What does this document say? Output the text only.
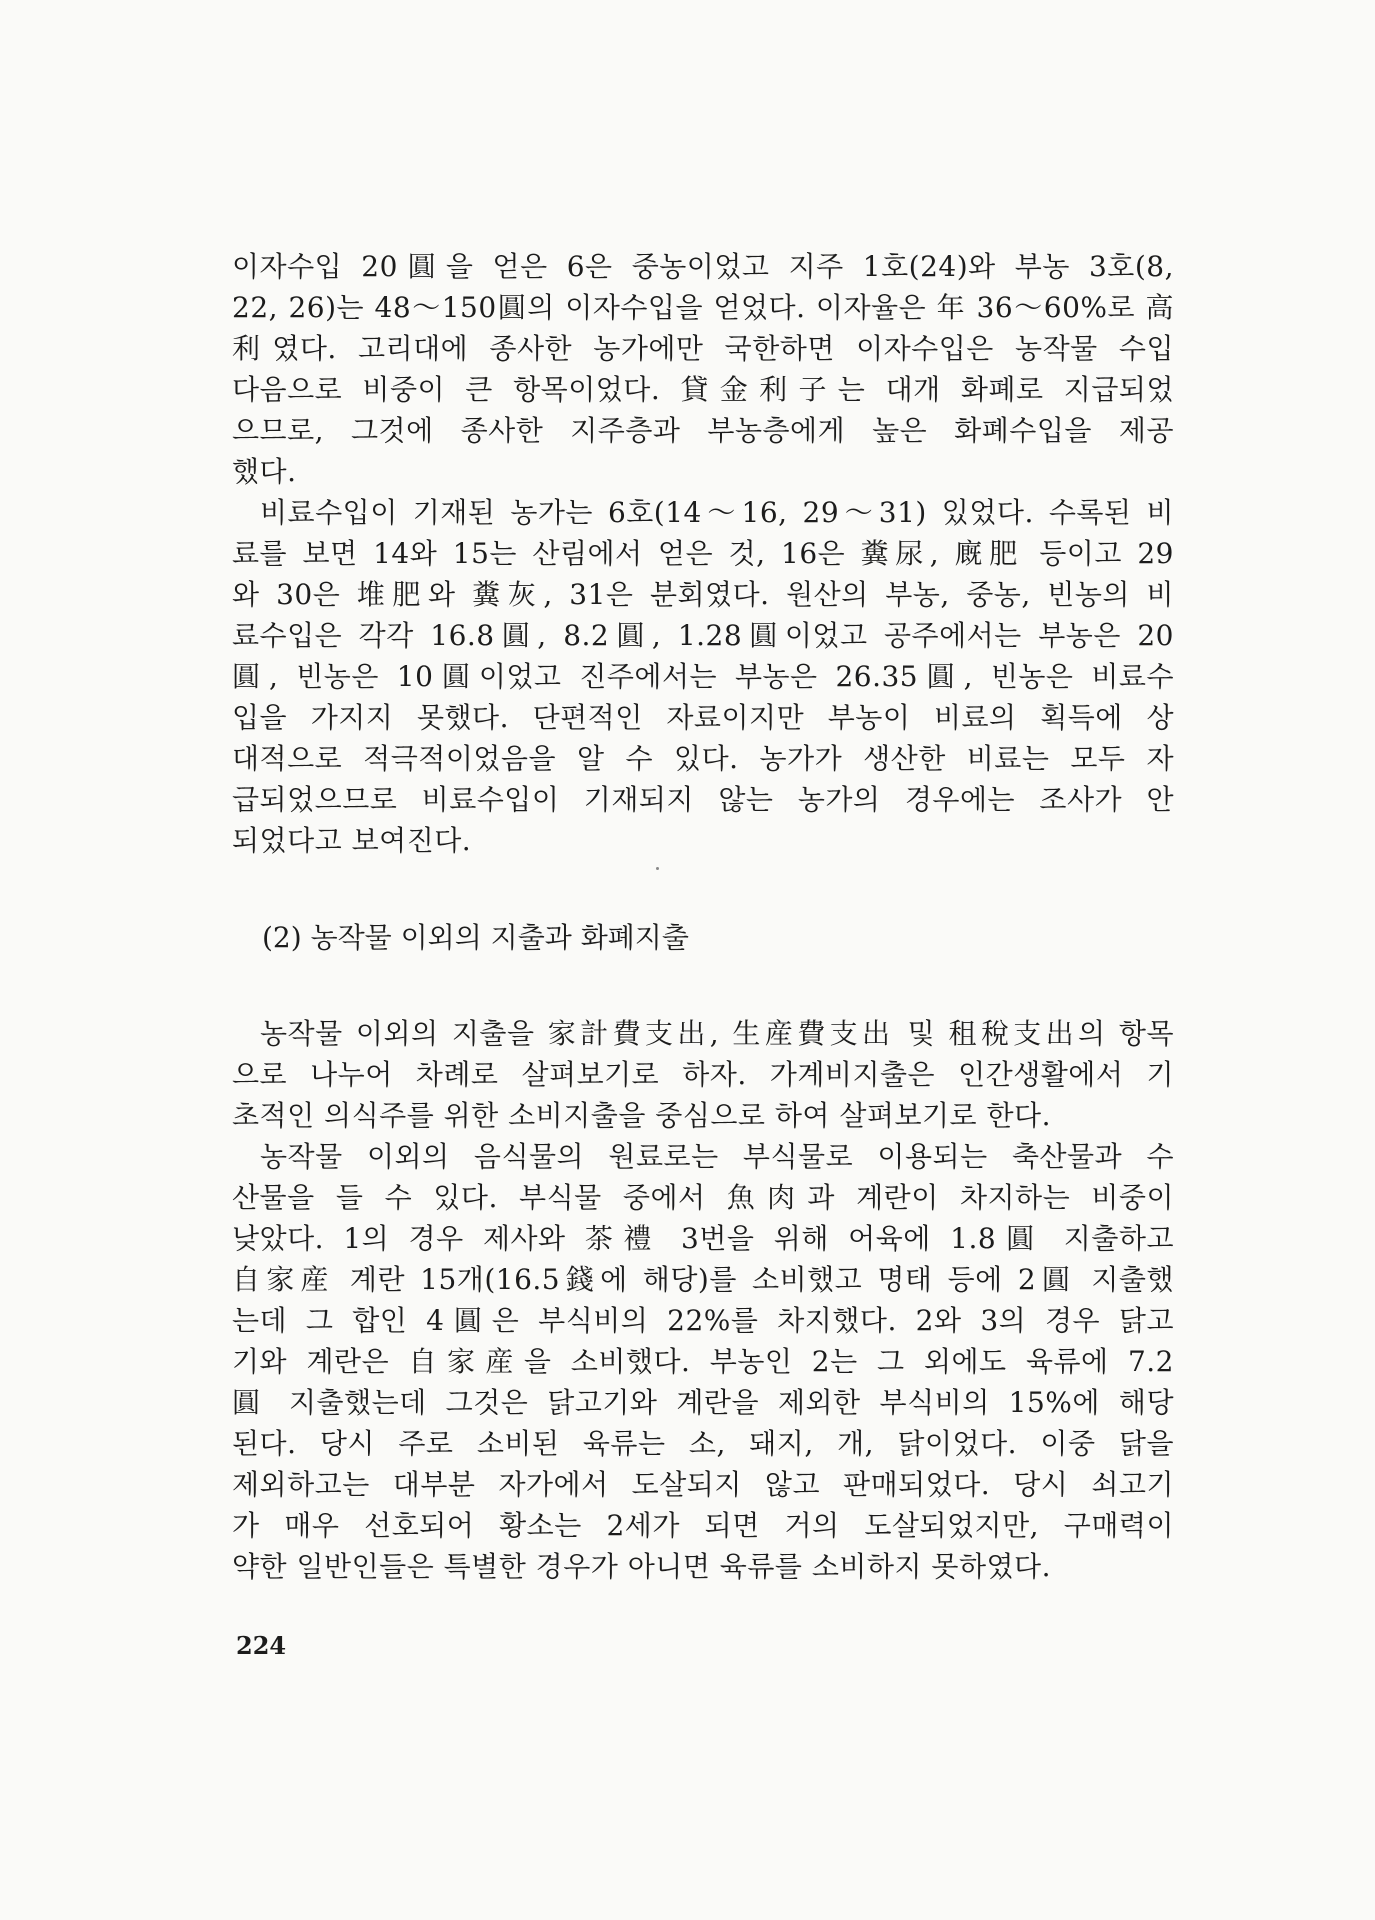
이자수입 20圓을 얻은 6은 중농이었고 지주 1호(24)와 부농 3호(8,
22, 26)는 48～150圓의 이자수입을 얻었다. 이자율은 年 36～60%로 高
利였다. 고리대에 종사한 농가에만 국한하면 이자수입은 농작물 수입
다음으로 비중이 큰 항목이었다. 貸金利子는 대개 화폐로 지급되었
으므로, 그것에 종사한 지주층과 부농층에게 높은 화폐수입을 제공
했다.
비료수입이 기재된 농가는 6호(14～16, 29～31) 있었다. 수록된 비
료를 보면 14와 15는 산림에서 얻은 것, 16은 糞尿, 廐肥 등이고 29
와 30은 堆肥와 糞灰, 31은 분회였다. 원산의 부농, 중농, 빈농의 비
료수입은 각각 16.8圓, 8.2圓, 1.28圓이었고 공주에서는 부농은 20
圓, 빈농은 10圓이었고 진주에서는 부농은 26.35圓, 빈농은 비료수
입을 가지지 못했다. 단편적인 자료이지만 부농이 비료의 획득에 상
대적으로 적극적이었음을 알 수 있다. 농가가 생산한 비료는 모두 자
급되었으므로 비료수입이 기재되지 않는 농가의 경우에는 조사가 안
되었다고 보여진다.
(2) 농작물 이외의 지출과 화폐지출
농작물 이외의 지출을 家計費支出, 生産費支出 및 租稅支出의 항목
으로 나누어 차례로 살펴보기로 하자. 가계비지출은 인간생활에서 기
초적인 의식주를 위한 소비지출을 중심으로 하여 살펴보기로 한다.
농작물 이외의 음식물의 원료로는 부식물로 이용되는 축산물과 수
산물을 들 수 있다. 부식물 중에서 魚肉과 계란이 차지하는 비중이
낮았다. 1의 경우 제사와 茶禮 3번을 위해 어육에 1.8圓 지출하고
自家産 계란 15개(16.5錢에 해당)를 소비했고 명태 등에 2圓 지출했
는데 그 합인 4圓은 부식비의 22%를 차지했다. 2와 3의 경우 닭고
기와 계란은 自家産을 소비했다. 부농인 2는 그 외에도 육류에 7.2
圓 지출했는데 그것은 닭고기와 계란을 제외한 부식비의 15%에 해당
된다. 당시 주로 소비된 육류는 소, 돼지, 개, 닭이었다. 이중 닭을
제외하고는 대부분 자가에서 도살되지 않고 판매되었다. 당시 쇠고기
가 매우 선호되어 황소는 2세가 되면 거의 도살되었지만, 구매력이
약한 일반인들은 특별한 경우가 아니면 육류를 소비하지 못하였다.
224
